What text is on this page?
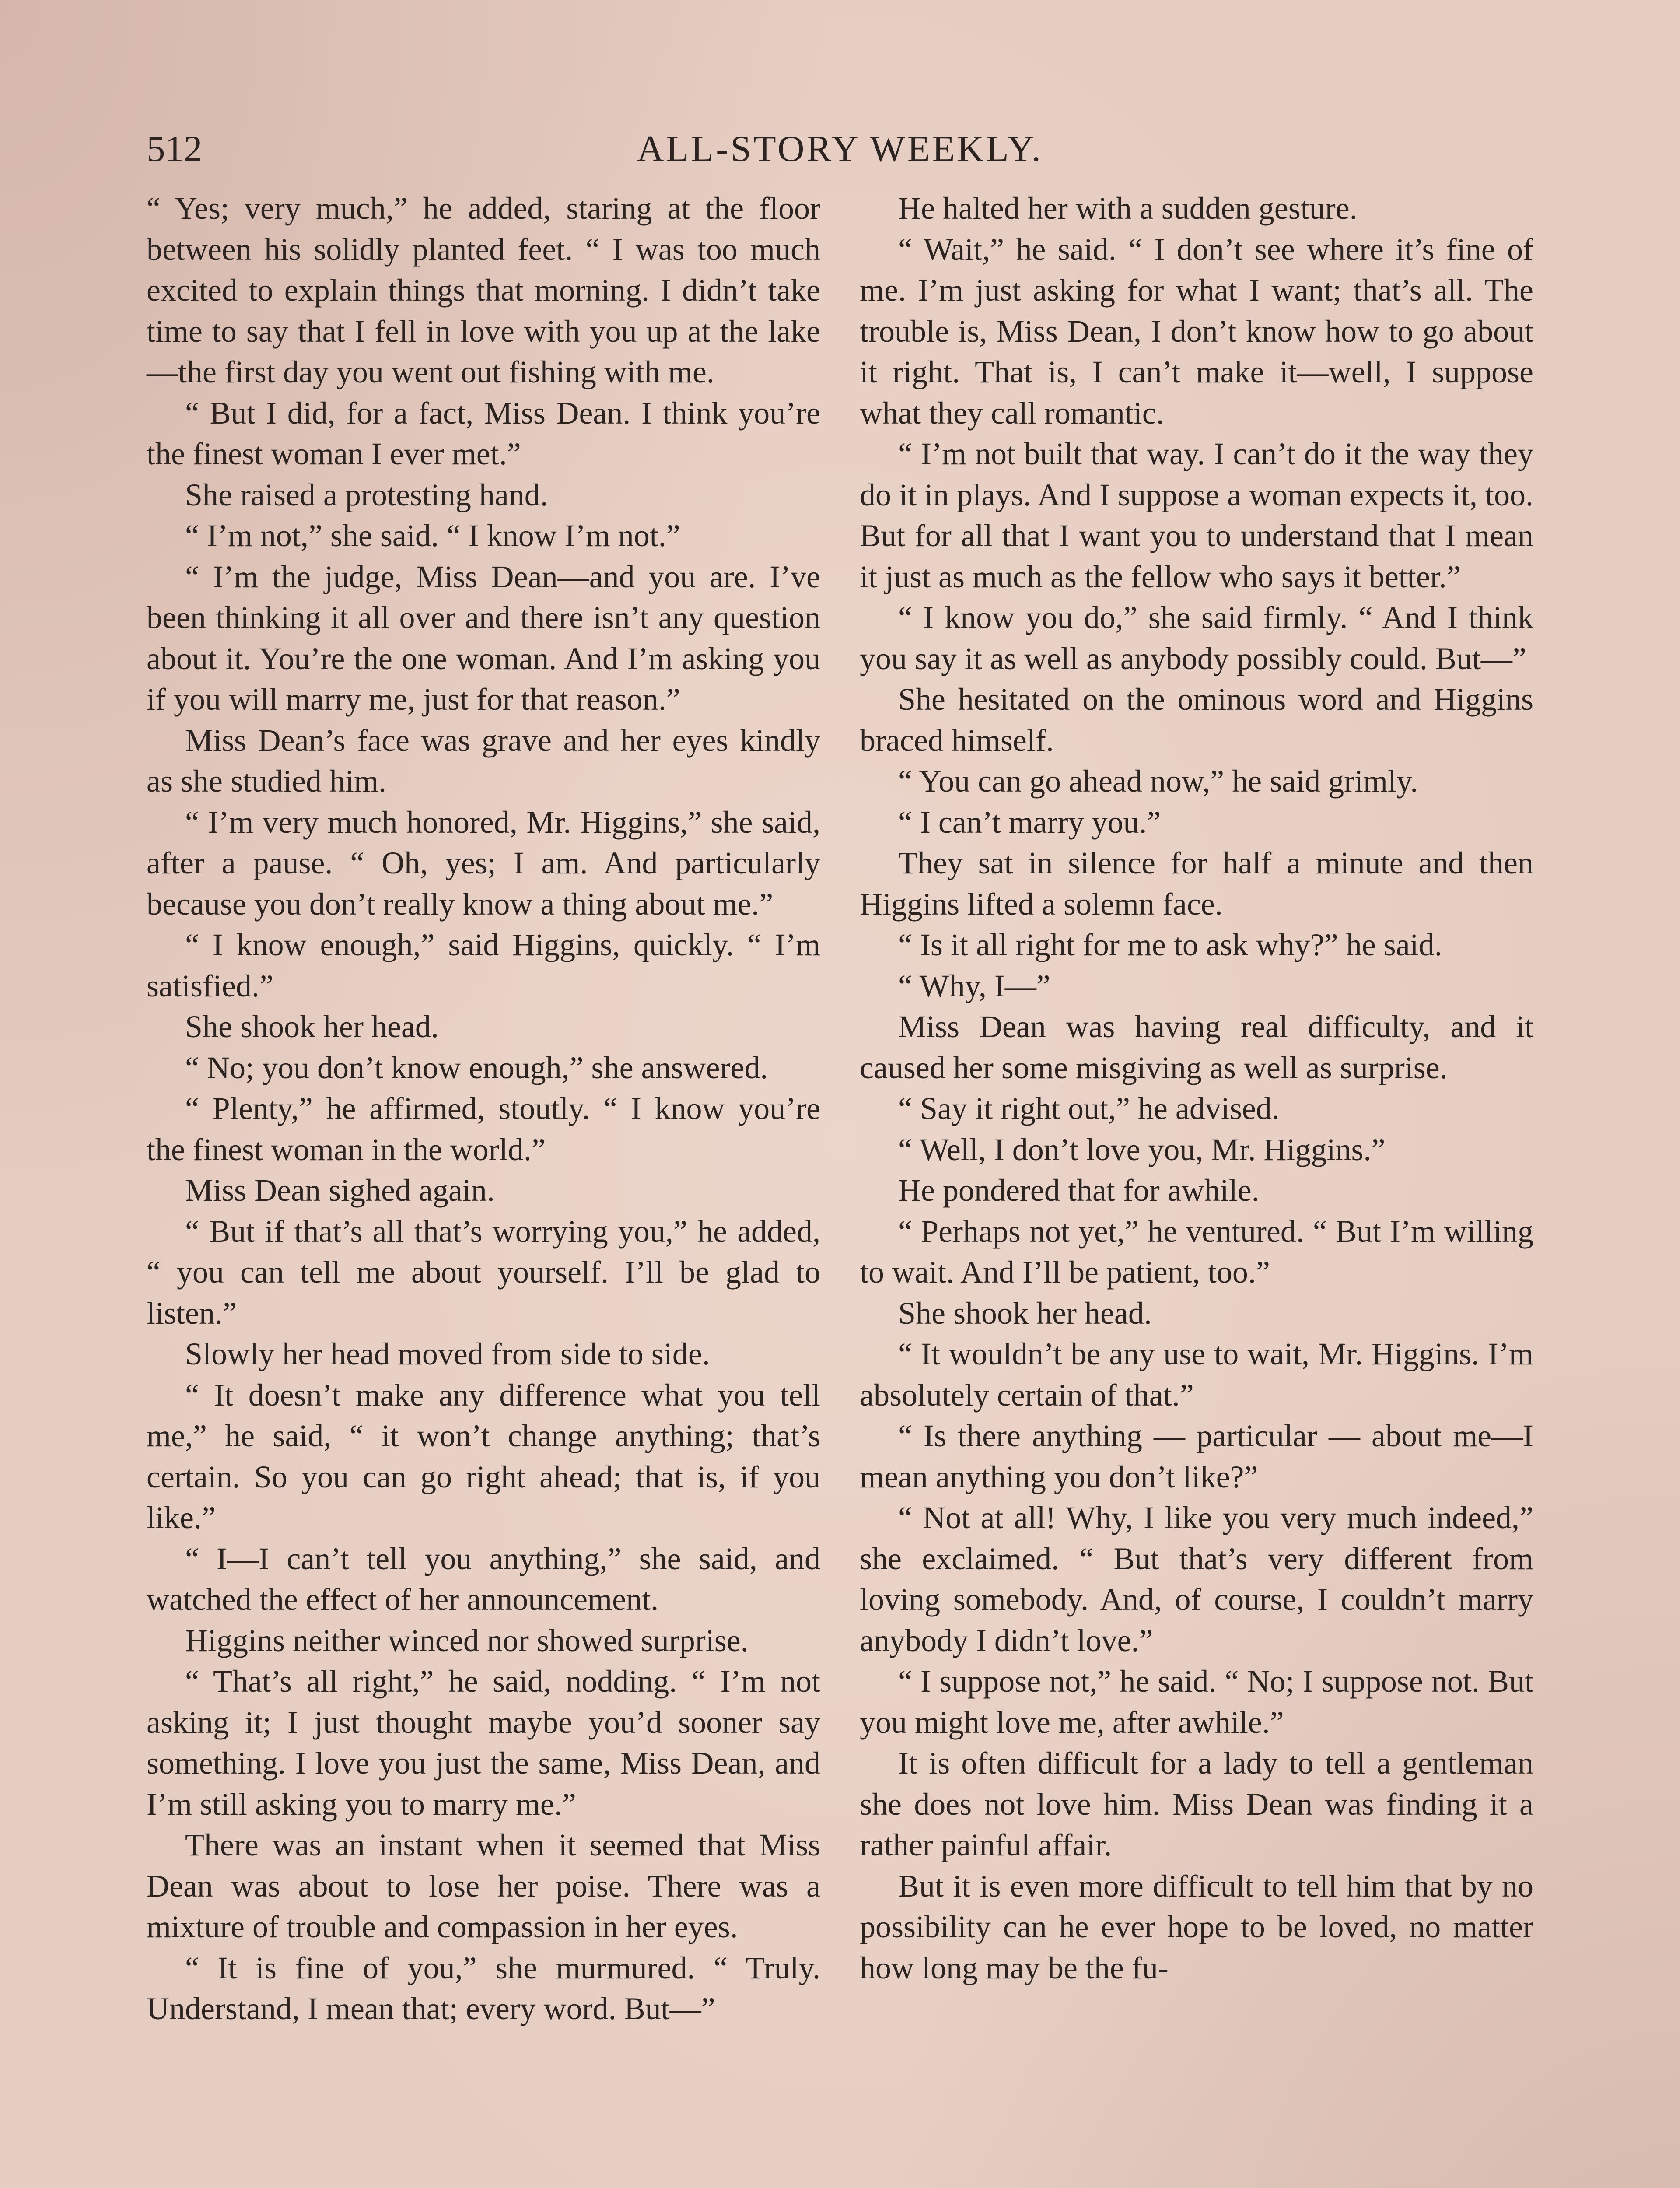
512	ALL-STORY WEEKLY.

“ Yes; very much,” he added, staring at the floor between his solidly planted feet. “ I was too much excited to explain things that morning. I didn’t take time to say that I fell in love with you up at the lake—the first day you went out fishing with me.

“ But I did, for a fact, Miss Dean. I think you’re the finest woman I ever met.”

She raised a protesting hand.

“ I’m not,” she said. “ I know I’m not.”

“ I’m the judge, Miss Dean—and you are. I’ve been thinking it all over and there isn’t any question about it. You’re the one woman. And I’m asking you if you will marry me, just for that reason.”

Miss Dean’s face was grave and her eyes kindly as she studied him.

“ I’m very much honored, Mr. Higgins,” she said, after a pause. “ Oh, yes; I am. And particularly because you don’t really know a thing about me.”

“ I know enough,” said Higgins, quickly. “ I’m satisfied.”

She shook her head.

“ No; you don’t know enough,” she answered.

“ Plenty,” he affirmed, stoutly. “ I know you’re the finest woman in the world.”

Miss Dean sighed again.

“ But if that’s all that’s worrying you,” he added, “ you can tell me about yourself. I’ll be glad to listen.”

Slowly her head moved from side to side.

“ It doesn’t make any difference what you tell me,” he said, “ it won’t change anything; that’s certain. So you can go right ahead; that is, if you like.”

“ I—I can’t tell you anything,” she said, and watched the effect of her announcement.

Higgins neither winced nor showed surprise.

“ That’s all right,” he said, nodding. “ I’m not asking it; I just thought maybe you’d sooner say something. I love you just the same, Miss Dean, and I’m still asking you to marry me.”

There was an instant when it seemed that Miss Dean was about to lose her poise. There was a mixture of trouble and compassion in her eyes.

“ It is fine of you,” she murmured. “ Truly. Understand, I mean that; every word. But—”

He halted her with a sudden gesture.

“ Wait,” he said. “ I don’t see where it’s fine of me. I’m just asking for what I want; that’s all. The trouble is, Miss Dean, I don’t know how to go about it right. That is, I can’t make it—well, I suppose what they call romantic.

“ I’m not built that way. I can’t do it the way they do it in plays. And I suppose a woman expects it, too. But for all that I want you to understand that I mean it just as much as the fellow who says it better.”

“ I know you do,” she said firmly. “ And I think you say it as well as anybody possibly could. But—”

She hesitated on the ominous word and Higgins braced himself.

“ You can go ahead now,” he said grimly.

“ I can’t marry you.”

They sat in silence for half a minute and then Higgins lifted a solemn face.

“ Is it all right for me to ask why?” he said.

“ Why, I—”

Miss Dean was having real difficulty, and it caused her some misgiving as well as surprise.

“ Say it right out,” he advised.

“ Well, I don’t love you, Mr. Higgins.”

He pondered that for awhile.

“ Perhaps not yet,” he ventured. “ But I’m willing to wait. And I’ll be patient, too.”

She shook her head.

“ It wouldn’t be any use to wait, Mr. Higgins. I’m absolutely certain of that.”

“ Is there anything — particular — about me—I mean anything you don’t like?”

“ Not at all! Why, I like you very much indeed,” she exclaimed. “ But that’s very different from loving somebody. And, of course, I couldn’t marry anybody I didn’t love.”

“ I suppose not,” he said. “ No; I suppose not. But you might love me, after awhile.”

It is often difficult for a lady to tell a gentleman she does not love him. Miss Dean was finding it a rather painful affair.

But it is even more difficult to tell him that by no possibility can he ever hope to be loved, no matter how long may be the fu-
